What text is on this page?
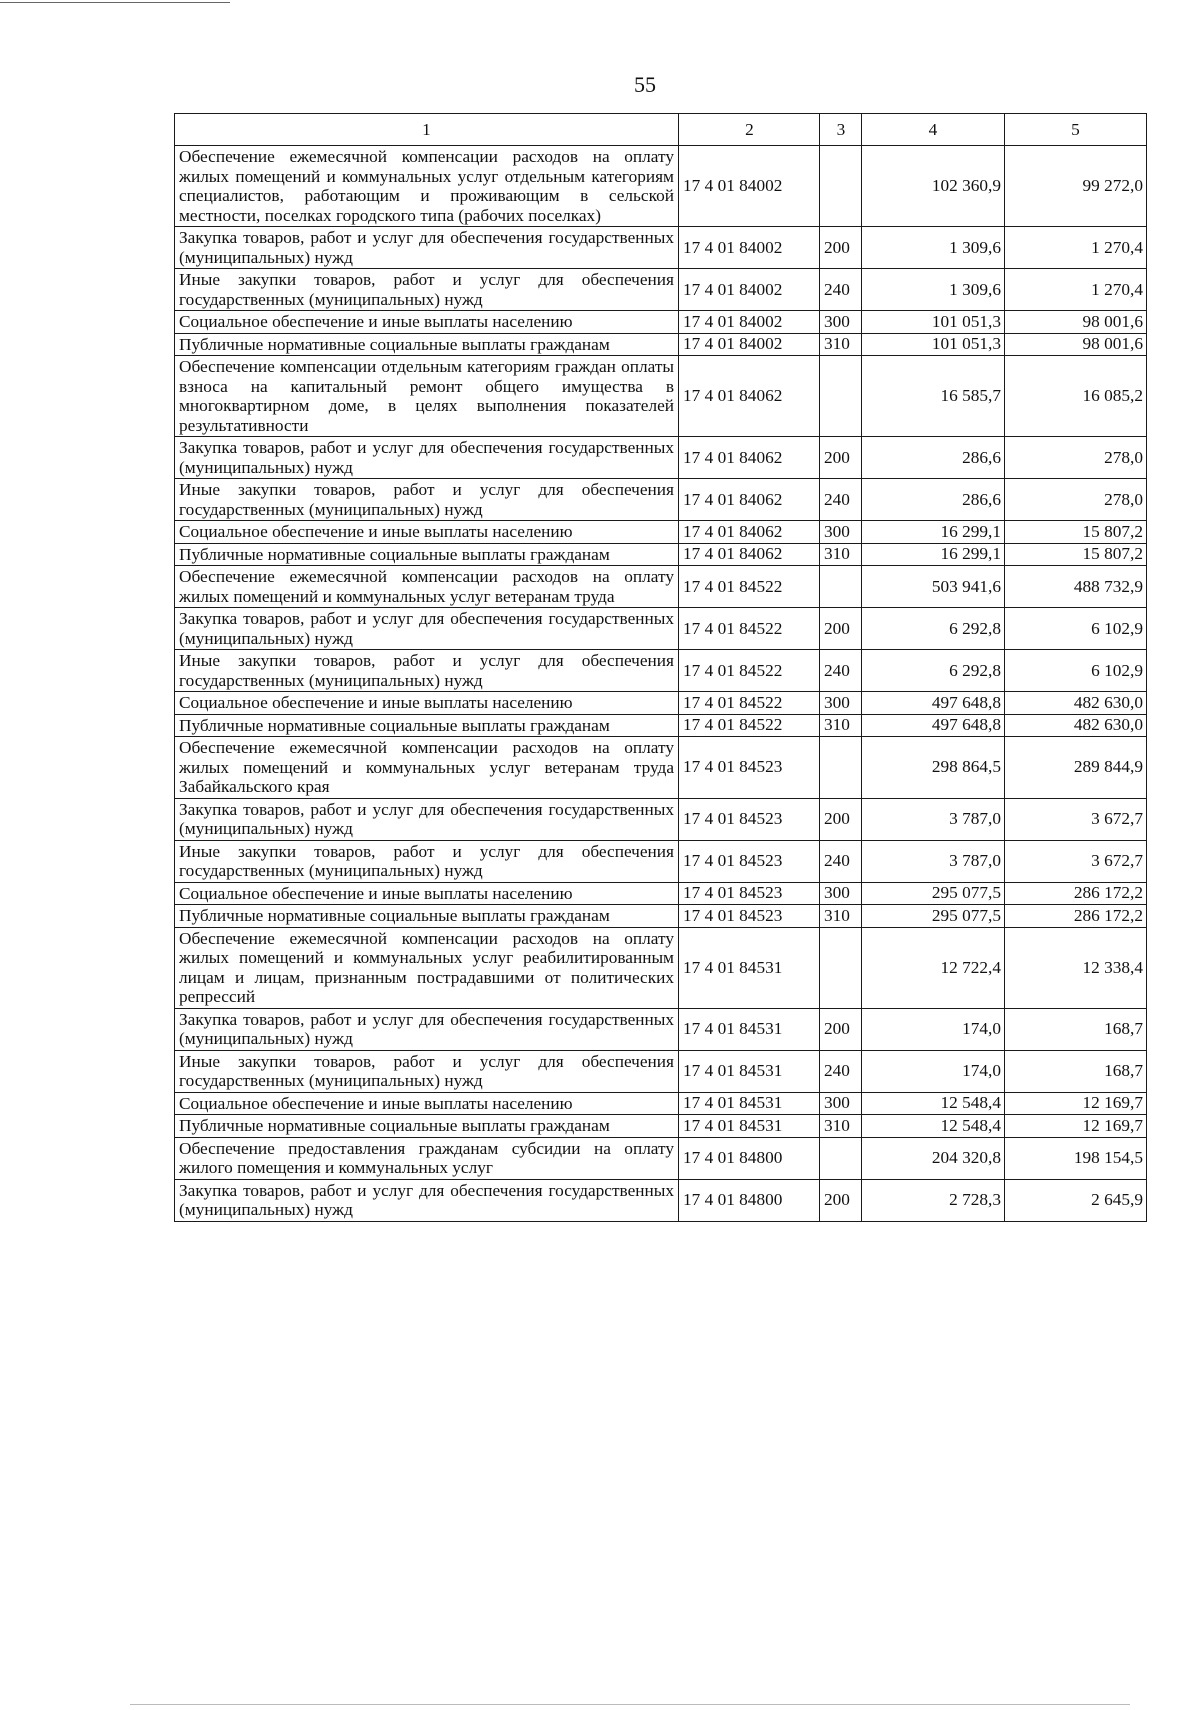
55
1	2	3	4	5
Обеспечение ежемесячной компенсации расходов на оплату жилых помещений и коммунальных услуг отдельным категориям специалистов, работающим и проживающим в сельской местности, поселках городского типа (рабочих поселках)	17 4 01 84002		102 360,9	99 272,0
Закупка товаров, работ и услуг для обеспечения государственных (муниципальных) нужд	17 4 01 84002	200	1 309,6	1 270,4
Иные закупки товаров, работ и услуг для обеспечения государственных (муниципальных) нужд	17 4 01 84002	240	1 309,6	1 270,4
Социальное обеспечение и иные выплаты населению	17 4 01 84002	300	101 051,3	98 001,6
Публичные нормативные социальные выплаты гражданам	17 4 01 84002	310	101 051,3	98 001,6
Обеспечение компенсации отдельным категориям граждан оплаты взноса на капитальный ремонт общего имущества в многоквартирном доме, в целях выполнения показателей результативности	17 4 01 84062		16 585,7	16 085,2
Закупка товаров, работ и услуг для обеспечения государственных (муниципальных) нужд	17 4 01 84062	200	286,6	278,0
Иные закупки товаров, работ и услуг для обеспечения государственных (муниципальных) нужд	17 4 01 84062	240	286,6	278,0
Социальное обеспечение и иные выплаты населению	17 4 01 84062	300	16 299,1	15 807,2
Публичные нормативные социальные выплаты гражданам	17 4 01 84062	310	16 299,1	15 807,2
Обеспечение ежемесячной компенсации расходов на оплату жилых помещений и коммунальных услуг ветеранам труда	17 4 01 84522		503 941,6	488 732,9
Закупка товаров, работ и услуг для обеспечения государственных (муниципальных) нужд	17 4 01 84522	200	6 292,8	6 102,9
Иные закупки товаров, работ и услуг для обеспечения государственных (муниципальных) нужд	17 4 01 84522	240	6 292,8	6 102,9
Социальное обеспечение и иные выплаты населению	17 4 01 84522	300	497 648,8	482 630,0
Публичные нормативные социальные выплаты гражданам	17 4 01 84522	310	497 648,8	482 630,0
Обеспечение ежемесячной компенсации расходов на оплату жилых помещений и коммунальных услуг ветеранам труда Забайкальского края	17 4 01 84523		298 864,5	289 844,9
Закупка товаров, работ и услуг для обеспечения государственных (муниципальных) нужд	17 4 01 84523	200	3 787,0	3 672,7
Иные закупки товаров, работ и услуг для обеспечения государственных (муниципальных) нужд	17 4 01 84523	240	3 787,0	3 672,7
Социальное обеспечение и иные выплаты населению	17 4 01 84523	300	295 077,5	286 172,2
Публичные нормативные социальные выплаты гражданам	17 4 01 84523	310	295 077,5	286 172,2
Обеспечение ежемесячной компенсации расходов на оплату жилых помещений и коммунальных услуг реабилитированным лицам и лицам, признанным пострадавшими от политических репрессий	17 4 01 84531		12 722,4	12 338,4
Закупка товаров, работ и услуг для обеспечения государственных (муниципальных) нужд	17 4 01 84531	200	174,0	168,7
Иные закупки товаров, работ и услуг для обеспечения государственных (муниципальных) нужд	17 4 01 84531	240	174,0	168,7
Социальное обеспечение и иные выплаты населению	17 4 01 84531	300	12 548,4	12 169,7
Публичные нормативные социальные выплаты гражданам	17 4 01 84531	310	12 548,4	12 169,7
Обеспечение предоставления гражданам субсидии на оплату жилого помещения и коммунальных услуг	17 4 01 84800		204 320,8	198 154,5
Закупка товаров, работ и услуг для обеспечения государственных (муниципальных) нужд	17 4 01 84800	200	2 728,3	2 645,9
